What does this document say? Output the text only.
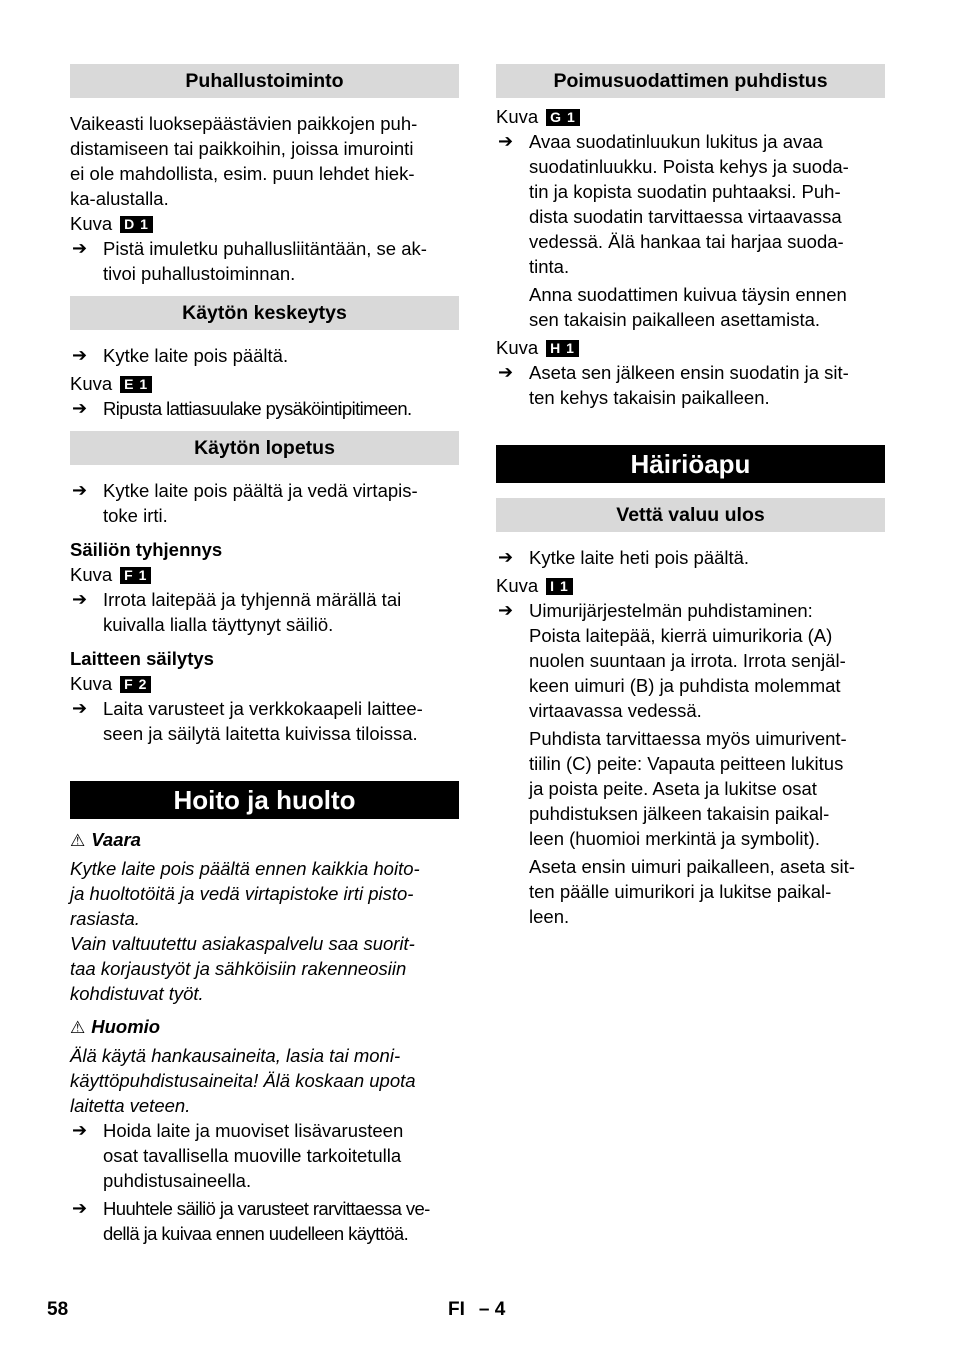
Puhallustoiminto

Vaikeasti luoksepäästävien paikkojen puh-
distamiseen tai paikkoihin, joissa imurointi
ei ole mahdollista, esim. puun lehdet hiek-
ka-alustalla.

Kuva D 1

➔ Pistä imuletku puhallusliitäntään, se ak-
tivoi puhallustoiminnan.
Käytön keskeytys
➔ Kytke laite pois päältä.

Kuva E 1

➔ Ripusta lattiasuulake pysäköintipitimeen.
Käytön lopetus
➔ Kytke laite pois päältä ja vedä virtapis-
toke irti.

Säiliön tyhjennys

Kuva F 1

➔ Irrota laitepää ja tyhjennä märällä tai
kuivalla lialla täyttynyt säiliö.

Laitteen säilytys

Kuva F 2

➔ Laita varusteet ja verkkokaapeli laittee-
seen ja säilytä laitetta kuivissa tiloissa.
Hoito ja huolto

⚠ Vaara

Kytke laite pois päältä ennen kaikkia hoito-
ja huoltotöitä ja vedä virtapistoke irti pisto-
rasiasta.
Vain valtuutettu asiakaspalvelu saa suorit-
taa korjaustyöt ja sähköisiin rakenneosiin
kohdistuvat työt.

⚠ Huomio

Älä käytä hankausaineita, lasia tai moni-
käyttöpuhdistusaineita! Älä koskaan upota
laitetta veteen.

➔ Hoida laite ja muoviset lisävarusteen
osat tavallisella muoville tarkoitetulla
puhdistusaineella.
➔ Huuhtele säiliö ja varusteet rarvittaessa ve-
dellä ja kuivaa ennen uudelleen käyttöä.
Poimusuodattimen puhdistus

Kuva G 1

➔ Avaa suodatinluukun lukitus ja avaa
suodatinluukku. Poista kehys ja suoda-
tin ja kopista suodatin puhtaaksi. Puh-
dista suodatin tarvittaessa virtaavassa
vedessä. Älä hankaa tai harjaa suoda-
tinta.

Anna suodattimen kuivua täysin ennen
sen takaisin paikalleen asettamista.

Kuva H 1

➔ Aseta sen jälkeen ensin suodatin ja sit-
ten kehys takaisin paikalleen.
Häiriöapu
Vettä valuu ulos
➔ Kytke laite heti pois päältä.

Kuva I 1

➔ Uimurijärjestelmän puhdistaminen:

Poista laitepää, kierrä uimurikoria (A)
nuolen suuntaan ja irrota. Irrota senjäl-
keen uimuri (B) ja puhdista molemmat
virtaavassa vedessä.

Puhdista tarvittaessa myös uimurivent-
tiilin (C) peite: Vapauta peitteen lukitus
ja poista peite. Aseta ja lukitse osat
puhdistuksen jälkeen takaisin paikal-
leen (huomioi merkintä ja symbolit).

Aseta ensin uimuri paikalleen, aseta sit-
ten päälle uimurikori ja lukitse paikal-
leen.

58	FI – 4
